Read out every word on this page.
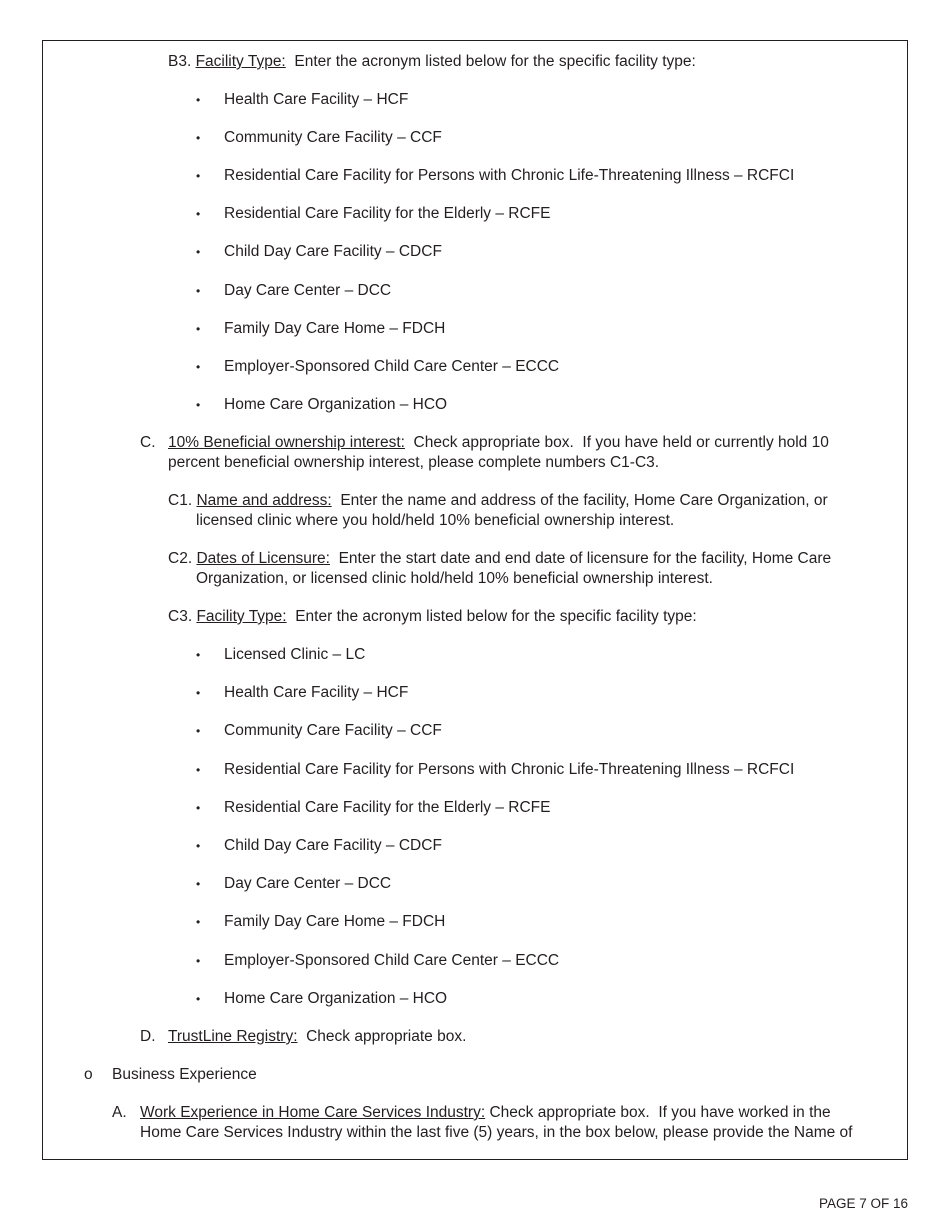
B3. Facility Type:  Enter the acronym listed below for the specific facility type:
• Health Care Facility – HCF
• Community Care Facility – CCF
• Residential Care Facility for Persons with Chronic Life-Threatening Illness – RCFCI
• Residential Care Facility for the Elderly – RCFE
• Child Day Care Facility – CDCF
• Day Care Center – DCC
• Family Day Care Home – FDCH
• Employer-Sponsored Child Care Center – ECCC
• Home Care Organization – HCO
C. 10% Beneficial ownership interest:  Check appropriate box.  If you have held or currently hold 10
percent beneficial ownership interest, please complete numbers C1-C3.
C1. Name and address:  Enter the name and address of the facility, Home Care Organization, or
licensed clinic where you hold/held 10% beneficial ownership interest.
C2. Dates of Licensure:  Enter the start date and end date of licensure for the facility, Home Care
Organization, or licensed clinic hold/held 10% beneficial ownership interest.
C3. Facility Type:  Enter the acronym listed below for the specific facility type:
• Licensed Clinic – LC
• Health Care Facility – HCF
• Community Care Facility – CCF
• Residential Care Facility for Persons with Chronic Life-Threatening Illness – RCFCI
• Residential Care Facility for the Elderly – RCFE
• Child Day Care Facility – CDCF
• Day Care Center – DCC
• Family Day Care Home – FDCH
• Employer-Sponsored Child Care Center – ECCC
• Home Care Organization – HCO
D. TrustLine Registry:  Check appropriate box.
o Business Experience
A. Work Experience in Home Care Services Industry: Check appropriate box.  If you have worked in the
Home Care Services Industry within the last five (5) years, in the box below, please provide the Name of
PAGE 7 OF 16
